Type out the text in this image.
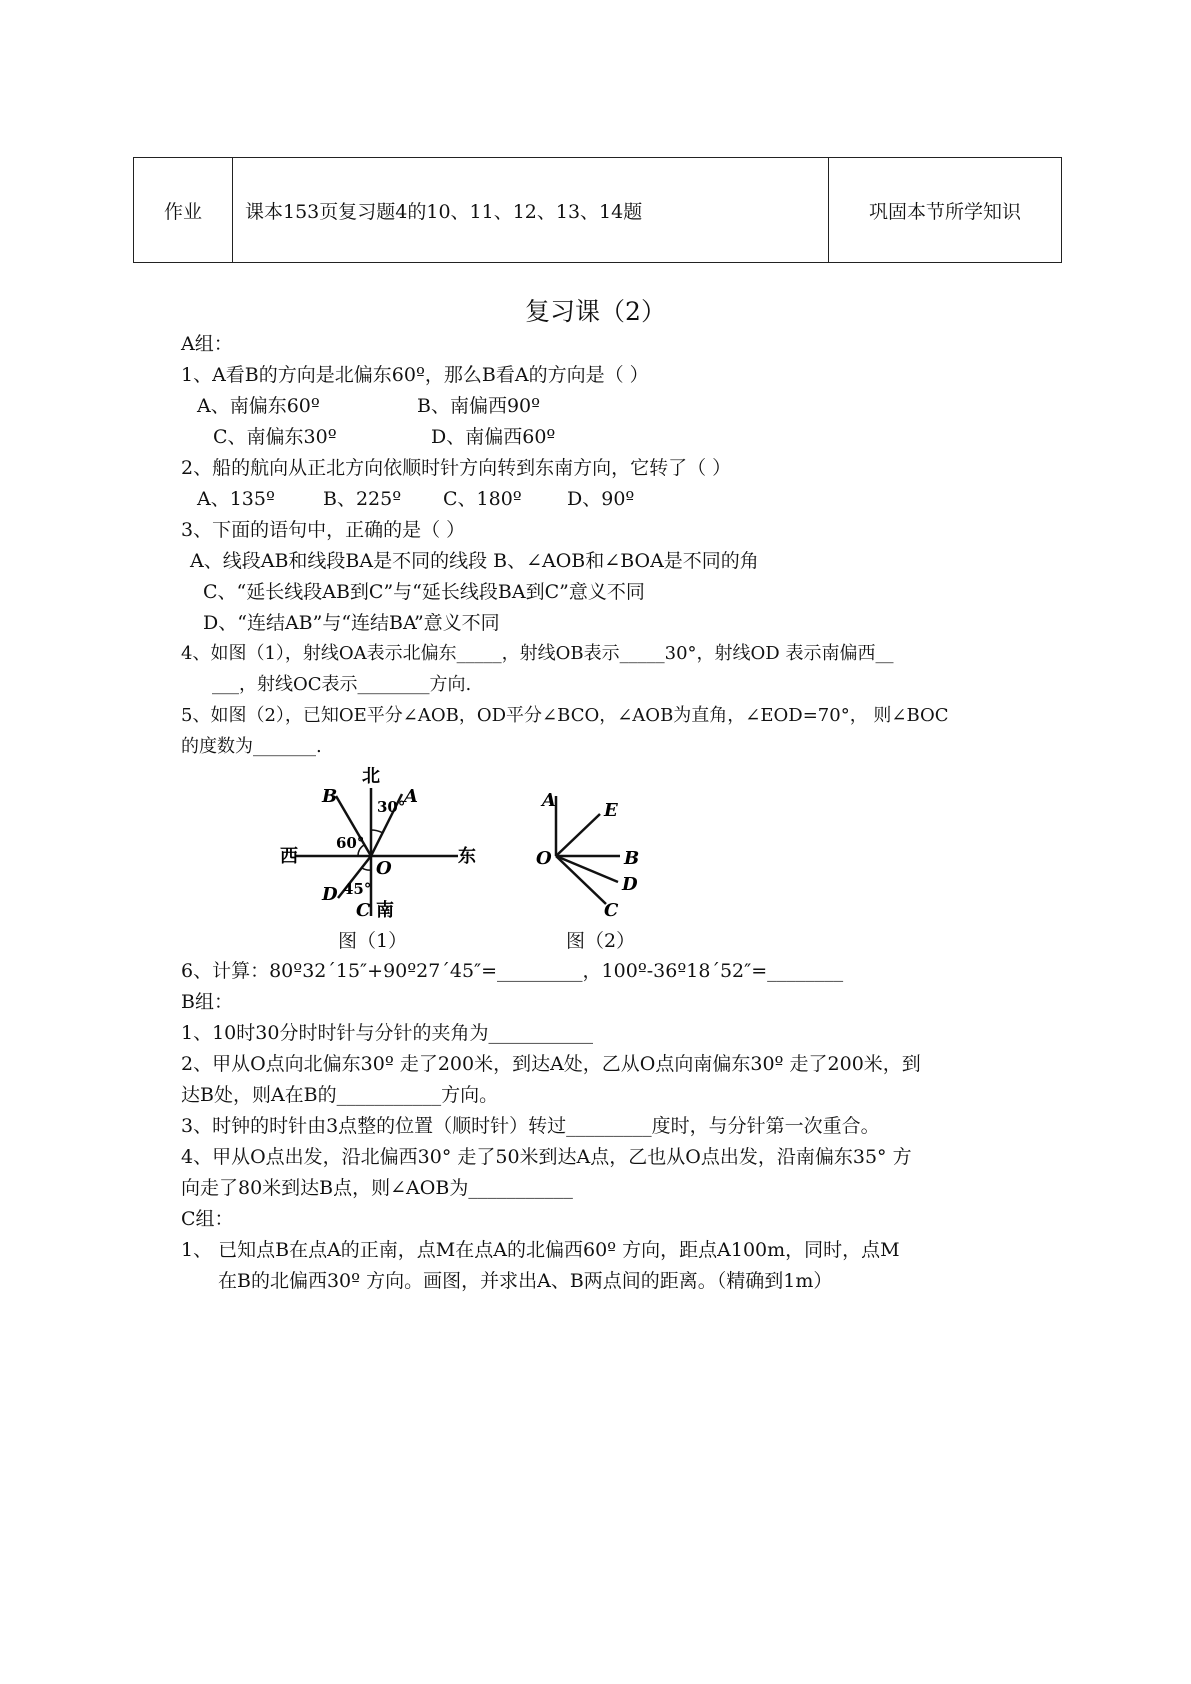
作业	课本153页复习题4的10、11、12、13、14题	巩固本节所学知识
复习课（2）
A组：
1、A看B的方向是北偏东60º，那么B看A的方向是（ ）
A、南偏东60º	B、南偏西90º
C、南偏东30º	D、南偏西60º
2、船的航向从正北方向依顺时针方向转到东南方向，它转了（ ）
A、135º	B、225º C、180º D、90º
3、下面的语句中，正确的是（ ）
A、线段AB和线段BA是不同的线段 B、∠AOB和∠BOA是不同的角
C、“延长线段AB到C”与“延长线段BA到C”意义不同
D、“连结AB”与“连结BA”意义不同
4、如图（1），射线OA表示北偏东_____，射线OB表示_____30°，射线OD 表示南偏西__
___，射线OC表示________方向.
5、如图（2），已知OE平分∠AOB，OD平分∠BCO，∠AOB为直角，∠EOD=70°， 则∠BOC
的度数为_______.
北
南
西	东
A
B
C
D
O
30°
60°
45°
图（1）
A	E
O	B
D
C
图（2）
6、计算：80º32´15″+90º27´45″=_________，100º-36º18´52″=________
B组：
1、10时30分时时针与分针的夹角为___________
2、甲从O点向北偏东30º 走了200米，到达A处，乙从O点向南偏东30º 走了200米，到
达B处，则A在B的___________方向。
3、时钟的时针由3点整的位置（顺时针）转过_________度时，与分针第一次重合。
4、甲从O点出发，沿北偏西30° 走了50米到达A点，乙也从O点出发，沿南偏东35° 方
向走了80米到达B点，则∠AOB为___________
C组：
1、 已知点B在点A的正南，点M在点A的北偏西60º 方向，距点A100m，同时，点M
在B的北偏西30º 方向。画图，并求出A、B两点间的距离。（精确到1m）
